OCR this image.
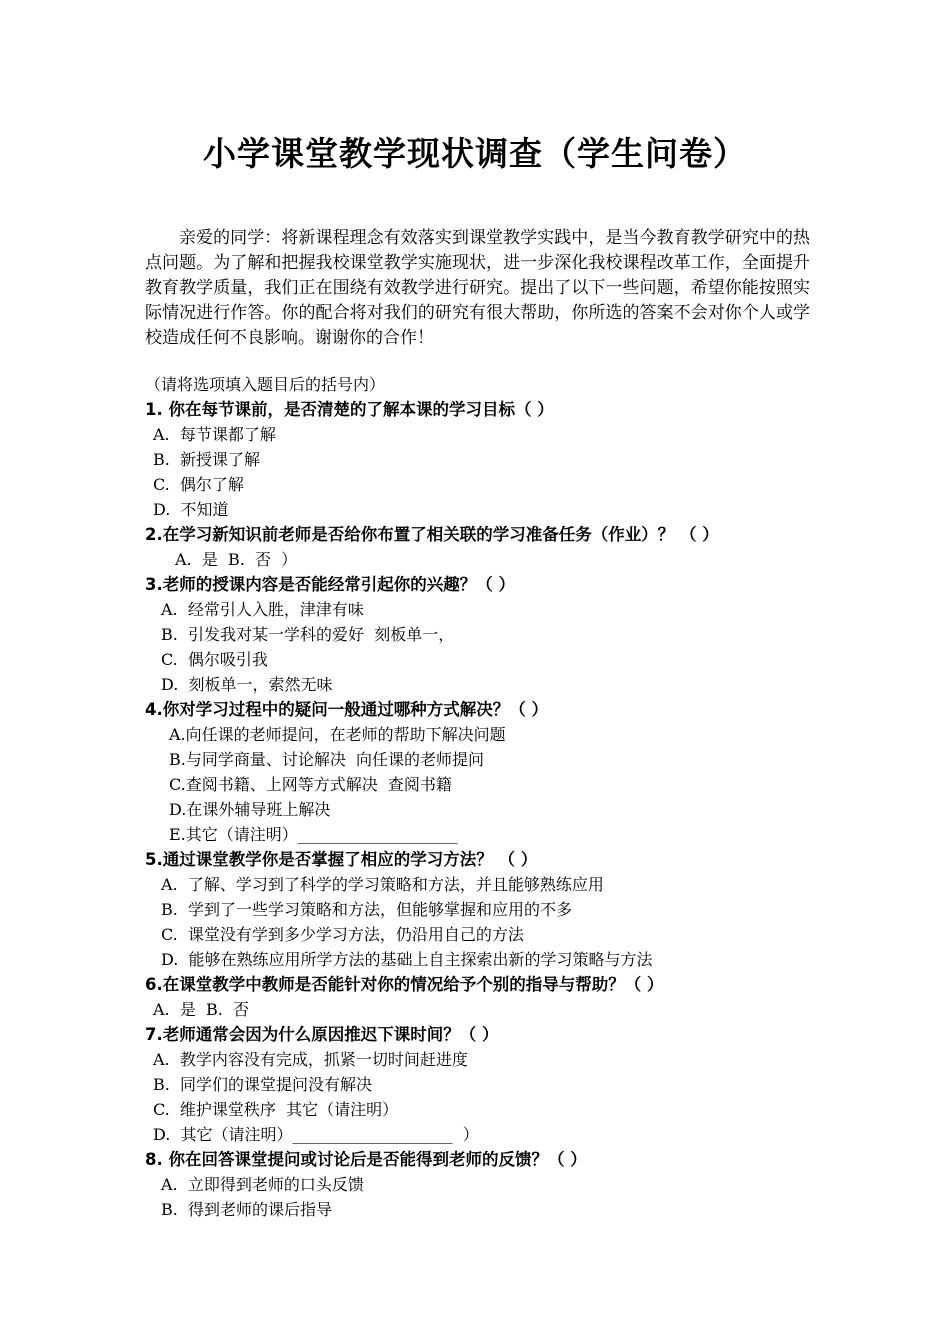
小学课堂教学现状调查（学生问卷）

亲爱的同学：将新课程理念有效落实到课堂教学实践中，是当今教育教学研究中的热点问题。为了解和把握我校课堂教学实施现状，进一步深化我校课程改革工作，全面提升教育教学质量，我们正在围绕有效教学进行研究。提出了以下一些问题，希望你能按照实际情况进行作答。你的配合将对我们的研究有很大帮助，你所选的答案不会对你个人或学校造成任何不良影响。谢谢你的合作！

（请将选项填入题目后的括号内）

1. 你在每节课前，是否清楚的了解本课的学习目标（ ）
A.  每节课都了解
B.  新授课了解
C.  偶尔了解
D.  不知道
2.在学习新知识前老师是否给你布置了相关联的学习准备任务（作业）？ （ ）
A.  是  B.  否  ）
3.老师的授课内容是否能经常引起你的兴趣？（ ）
A.  经常引人入胜，津津有味
B.  引发我对某一学科的爱好  刻板单一，
C.  偶尔吸引我
D.  刻板单一，索然无味
4.你对学习过程中的疑问一般通过哪种方式解决？（ ）
A.向任课的老师提问，在老师的帮助下解决问题
B.与同学商量、讨论解决  向任课的老师提问
C.查阅书籍、上网等方式解决  查阅书籍
D.在课外辅导班上解决
E.其它（请注明）____________________
5.通过课堂教学你是否掌握了相应的学习方法？ （ ）
A.  了解、学习到了科学的学习策略和方法，并且能够熟练应用
B.  学到了一些学习策略和方法，但能够掌握和应用的不多
C.  课堂没有学到多少学习方法，仍沿用自己的方法
D.  能够在熟练应用所学方法的基础上自主探索出新的学习策略与方法
6.在课堂教学中教师是否能针对你的情况给予个别的指导与帮助？（ ）
A.  是  B.  否
7.老师通常会因为什么原因推迟下课时间？（ ）
A.  教学内容没有完成，抓紧一切时间赶进度
B.  同学们的课堂提问没有解决
C.  维护课堂秩序  其它（请注明）
D.  其它（请注明）____________________  ）
8. 你在回答课堂提问或讨论后是否能得到老师的反馈？（ ）
A.  立即得到老师的口头反馈
B.  得到老师的课后指导
